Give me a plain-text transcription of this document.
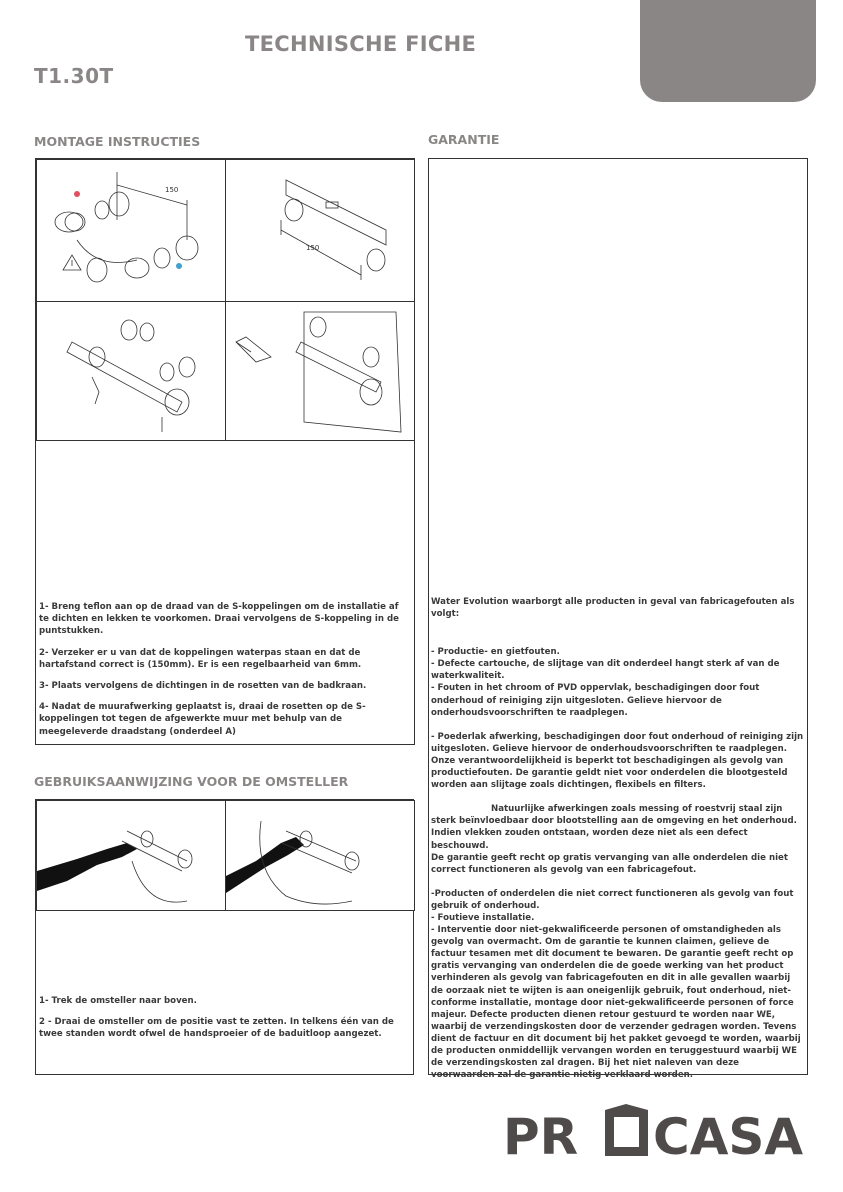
TECHNISCHE FICHE
T1.30T
MONTAGE INSTRUCTIES
150
150

1- Breng teflon aan op de draad van de S-koppelingen om de installatie af te dichten en lekken te voorkomen. Draai vervolgens de S-koppeling in de puntstukken.

2- Verzeker er u van dat de koppelingen waterpas staan en dat de hartafstand correct is (150mm). Er is een regelbaarheid van 6mm.

3- Plaats vervolgens de dichtingen in de rosetten van de badkraan.

4- Nadat de muurafwerking geplaatst is, draai de rosetten op de S-koppelingen tot tegen de afgewerkte muur met behulp van de meegeleverde draadstang (onderdeel A)

GEBRUIKSAANWIJZING VOOR DE OMSTELLER

1- Trek de omsteller naar boven.

2 - Draai de omsteller om de positie vast te zetten. In telkens één van de twee standen wordt ofwel de handsproeier of de baduitloop aangezet.

GARANTIE

Water Evolution waarborgt alle producten in geval van fabricagefouten als volgt:

- Productie- en gietfouten.

- Defecte cartouche, de slijtage van dit onderdeel hangt sterk af van de waterkwaliteit.

- Fouten in het chroom of PVD oppervlak, beschadigingen door fout onderhoud of reiniging zijn uitgesloten. Gelieve hiervoor de onderhoudsvoorschriften te raadplegen.

- Poederlak afwerking, beschadigingen door fout onderhoud of reiniging zijn uitgesloten. Gelieve hiervoor de onderhoudsvoorschriften te raadplegen.

Onze verantwoordelijkheid is beperkt tot beschadigingen als gevolg van productiefouten. De garantie geldt niet voor onderdelen die blootgesteld worden aan slijtage zoals dichtingen, flexibels en filters.

Natuurlijke afwerkingen zoals messing of roestvrij staal zijn sterk beïnvloedbaar door blootstelling aan de omgeving en het onderhoud. Indien vlekken zouden ontstaan, worden deze niet als een defect beschouwd.

De garantie geeft recht op gratis vervanging van alle onderdelen die niet correct functioneren als gevolg van een fabricagefout.

-Producten of onderdelen die niet correct functioneren als gevolg van fout gebruik of onderhoud.

- Foutieve installatie.

- Interventie door niet-gekwalificeerde personen of omstandigheden als gevolg van overmacht. Om de garantie te kunnen claimen, gelieve de factuur tesamen met dit document te bewaren. De garantie geeft recht op gratis vervanging van onderdelen die de goede werking van het product verhinderen als gevolg van fabricagefouten en dit in alle gevallen waarbij de oorzaak niet te wijten is aan oneigenlijk gebruik, fout onderhoud, niet-conforme installatie, montage door niet-gekwalificeerde personen of force majeur. Defecte producten dienen retour gestuurd te worden naar WE, waarbij de verzendingskosten door de verzender gedragen worden. Tevens dient de factuur en dit document bij het pakket gevoegd te worden, waarbij de producten onmiddellijk vervangen worden en teruggestuurd waarbij WE de verzendingskosten zal dragen. Bij het niet naleven van deze voorwaarden zal de garantie nietig verklaard worden.

PR CASA
